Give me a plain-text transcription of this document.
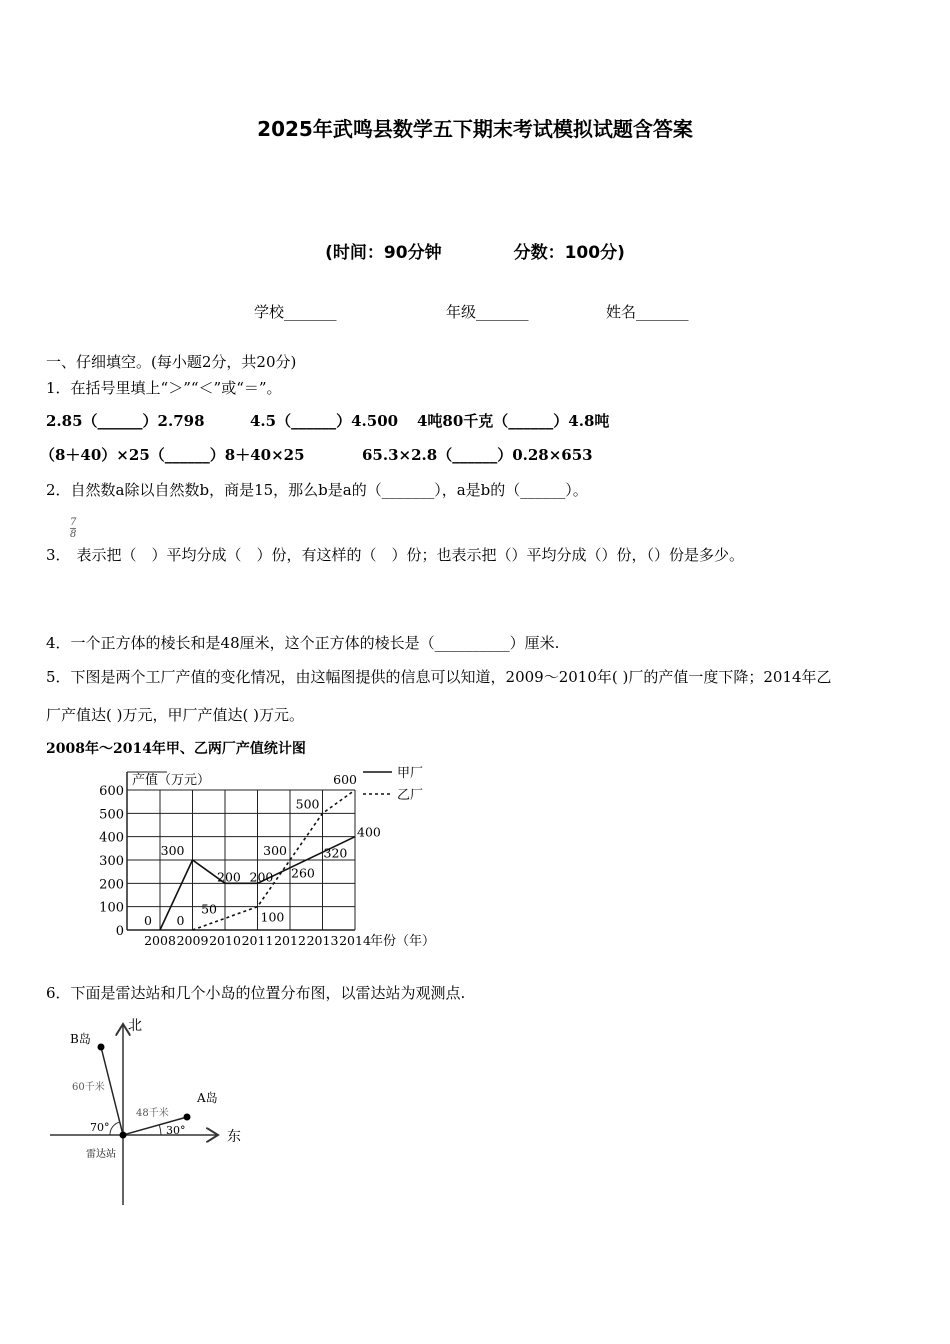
2025年武鸣县数学五下期末考试模拟试题含答案
(时间：90分钟	分数：100分)
学校_______	年级_______	姓名_______
一、仔细填空。(每小题2分，共20分)
1．在括号里填上“＞”“＜”或“＝”。
2.85（______）2.798	4.5（______）4.500 4吨80千克（______）4.8吨
（8＋40）×25（______）8＋40×25	65.3×2.8（______）0.28×653
2．自然数a除以自然数b，商是15，那么b是a的（_______），a是b的（______）。
$\frac{7}{8}$
3． 表示把（　）平均分成（　）份，有这样的（　）份；也表示把（）平均分成（）份，（）份是多少。
4．一个正方体的棱长和是48厘米，这个正方体的棱长是（__________）厘米.
5．下图是两个工厂产值的变化情况，由这幅图提供的信息可以知道，2009～2010年( )厂的产值一度下降；2014年乙
厂产值达( )万元，甲厂产值达( )万元。
2008年～2014年甲、乙两厂产值统计图
0
100
200
300
400
500
600
2008 2009 2010 2011 2012 2013 2014
产值（万元）
年份（年）
0
300
200 200
400
260
320
甲厂
0
50
100
300
500
600
乙厂
6．下面是雷达站和几个小岛的位置分布图，以雷达站为观测点.
北
东
B岛
A岛
60千米
48千米
70°	30°
雷达站
